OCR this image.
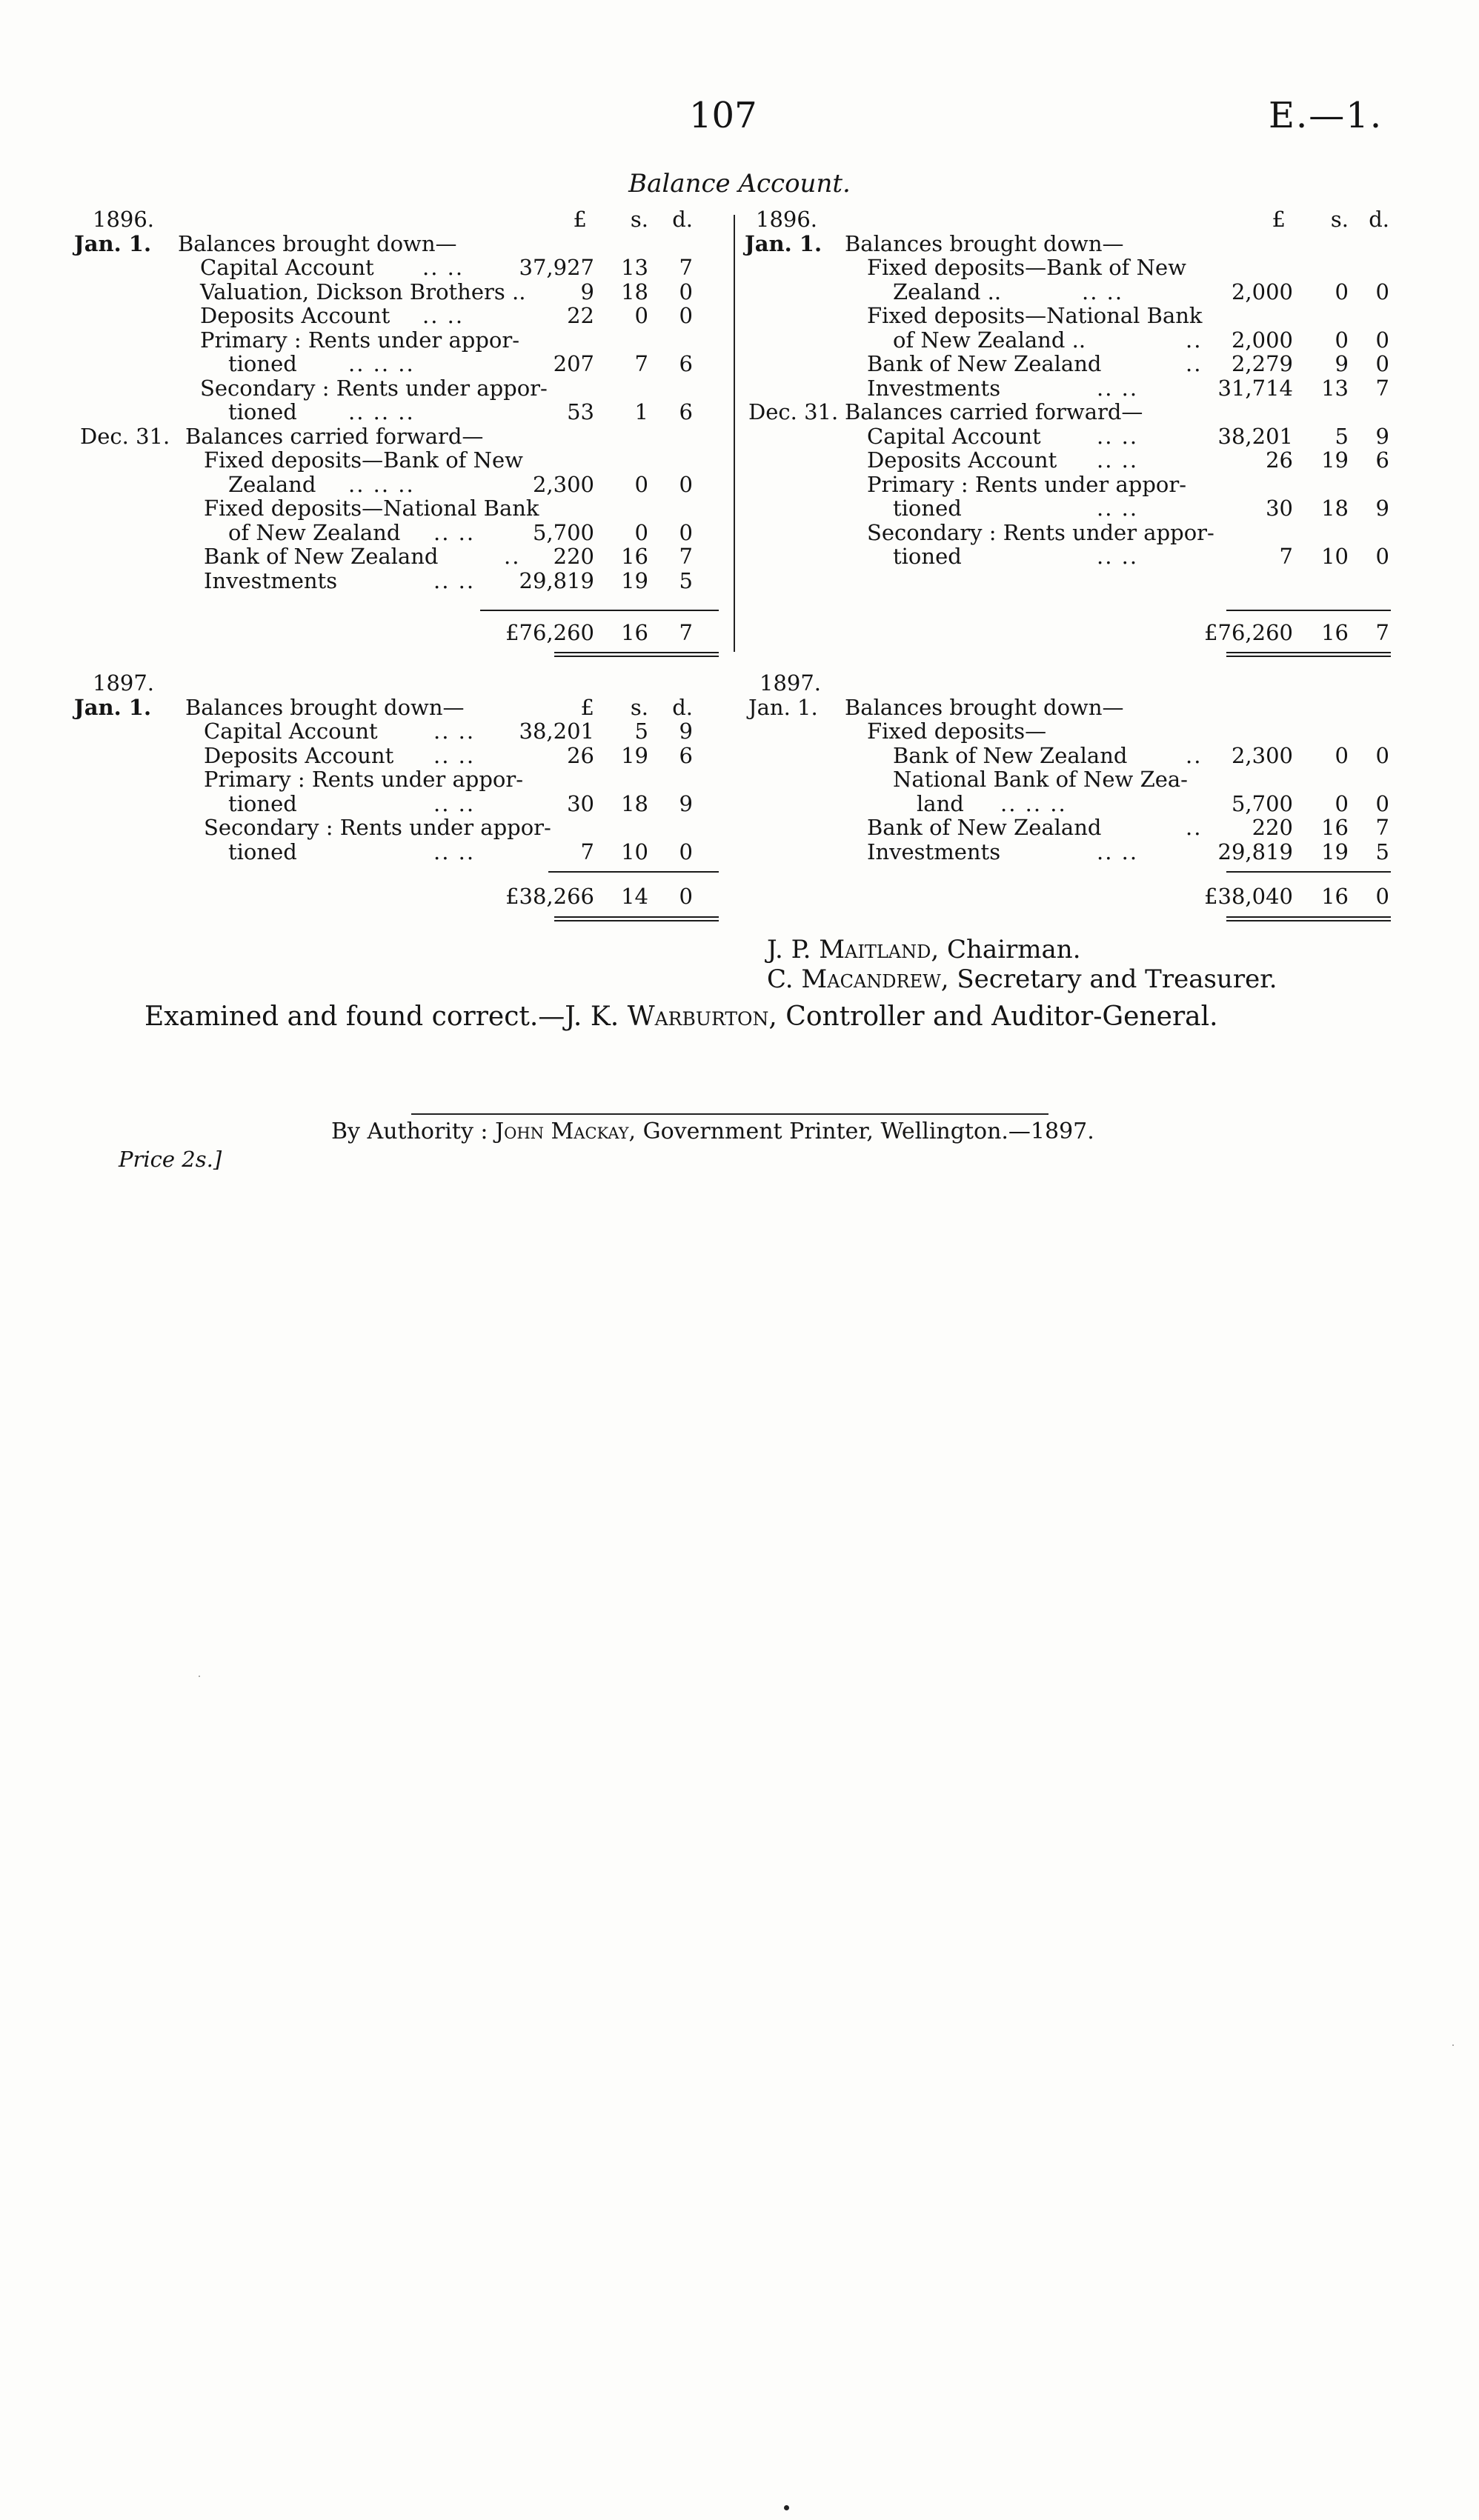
107	E.—1.
Balance Account.
1896.	£	s.	d.
Jan. 1. Balances brought down—
Capital Account .. ..	37,927	13	7
Valuation, Dickson Brothers ..	9	18	0
Deposits Account .. ..	22	0	0
Primary : Rents under appor-
tioned .. .. ..	207	7	6
Secondary : Rents under appor-
tioned .. .. ..	53	1	6
Dec. 31. Balances carried forward—
Fixed deposits—Bank of New
Zealand .. .. ..	2,300	0	0
Fixed deposits—National Bank
of New Zealand .. ..	5,700	0	0
Bank of New Zealand	..	220	16	7
Investments	.. ..	29,819	19	5
£76,260	16	7
1897.
Jan. 1. Balances brought down—	£	s.	d.
Capital Account	.. ..	38,201	5	9
Deposits Account .. ..	26	19	6
Primary : Rents under appor-
tioned	.. ..	30	18	9
Secondary : Rents under appor-
tioned	.. ..	7	10	0
£38,266	14	0
1896.	£	s. d.
Jan. 1. Balances brought down—
Fixed deposits—Bank of New
Zealand ..	.. ..	2,000	0	0
Fixed deposits—National Bank
of New Zealand ..	..	2,000	0	0
Bank of New Zealand	..	2,279	9	0
Investments	.. ..	31,714	13	7
Dec. 31. Balances carried forward—
Capital Account	.. ..	38,201	5	9
Deposits Account .. ..	26	19	6
Primary : Rents under appor-
tioned	.. ..	30	18	9
Secondary : Rents under appor-
tioned	.. ..	7	10	0
£76,260	16	7
1897.
Jan. 1. Balances brought down—
Fixed deposits—
Bank of New Zealand	..	2,300	0	0
National Bank of New Zea-
land .. .. ..	5,700	0	0
Bank of New Zealand	..	220	16	7
Investments	.. ..	29,819	19	5
£38,040	16	0
J. P. Maitland, Chairman.
C. Macandrew, Secretary and Treasurer.
Examined and found correct.—J. K. Warburton, Controller and Auditor-General.
By Authority : John Mackay, Government Printer, Wellington.—1897.
Price 2s.]
